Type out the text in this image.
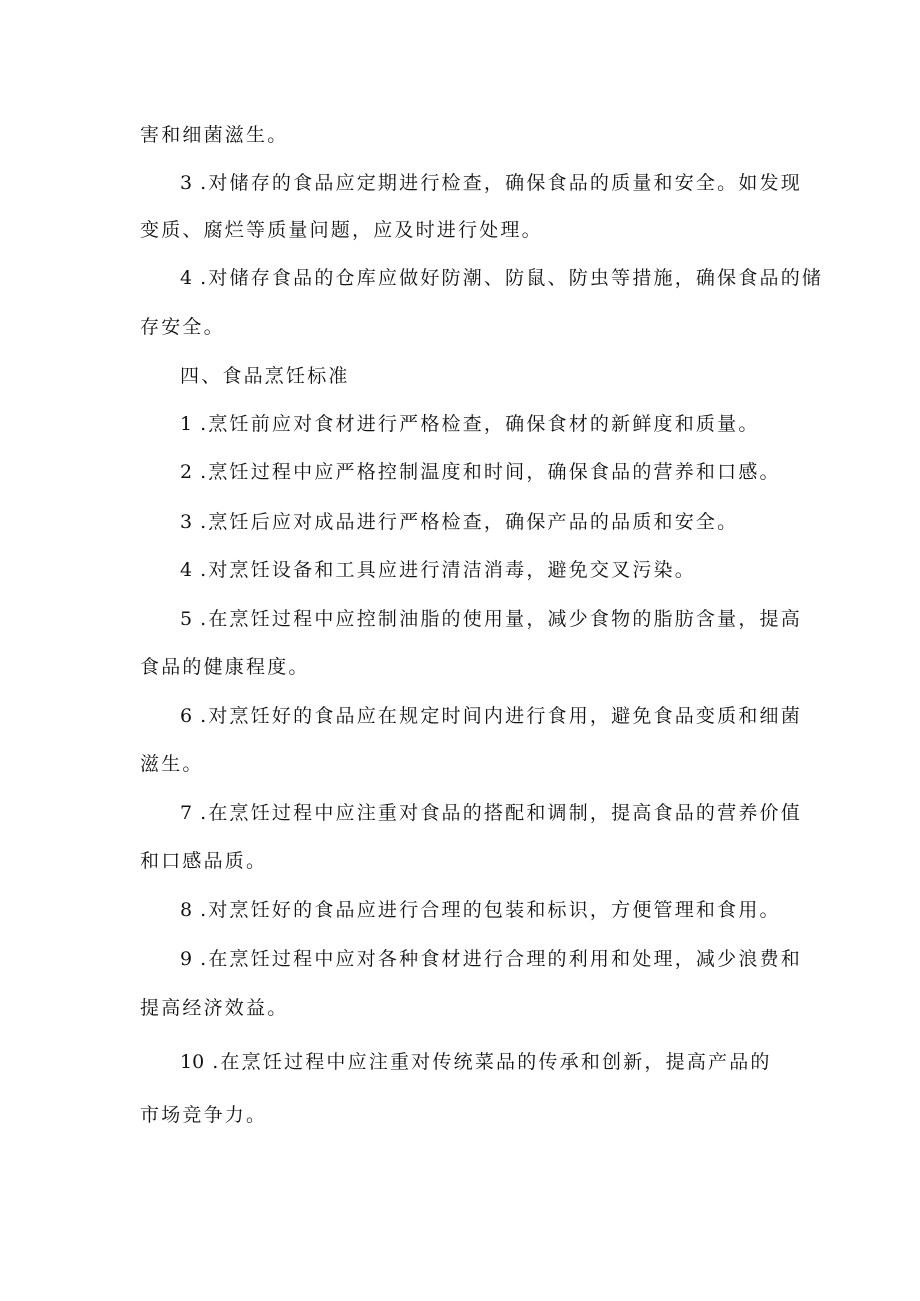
害和细菌滋生。
3 .对储存的食品应定期进行检查，确保食品的质量和安全。如发现
变质、腐烂等质量问题，应及时进行处理。
4 .对储存食品的仓库应做好防潮、防鼠、防虫等措施，确保食品的储
存安全。
四、食品烹饪标准
1 .烹饪前应对食材进行严格检查，确保食材的新鲜度和质量。
2 .烹饪过程中应严格控制温度和时间，确保食品的营养和口感。
3 .烹饪后应对成品进行严格检查，确保产品的品质和安全。
4 .对烹饪设备和工具应进行清洁消毒，避免交叉污染。
5 .在烹饪过程中应控制油脂的使用量，减少食物的脂肪含量，提高
食品的健康程度。
6 .对烹饪好的食品应在规定时间内进行食用，避免食品变质和细菌
滋生。
7 .在烹饪过程中应注重对食品的搭配和调制，提高食品的营养价值
和口感品质。
8 .对烹饪好的食品应进行合理的包装和标识，方便管理和食用。
9 .在烹饪过程中应对各种食材进行合理的利用和处理，减少浪费和
提高经济效益。
10 .在烹饪过程中应注重对传统菜品的传承和创新，提高产品的
市场竞争力。
